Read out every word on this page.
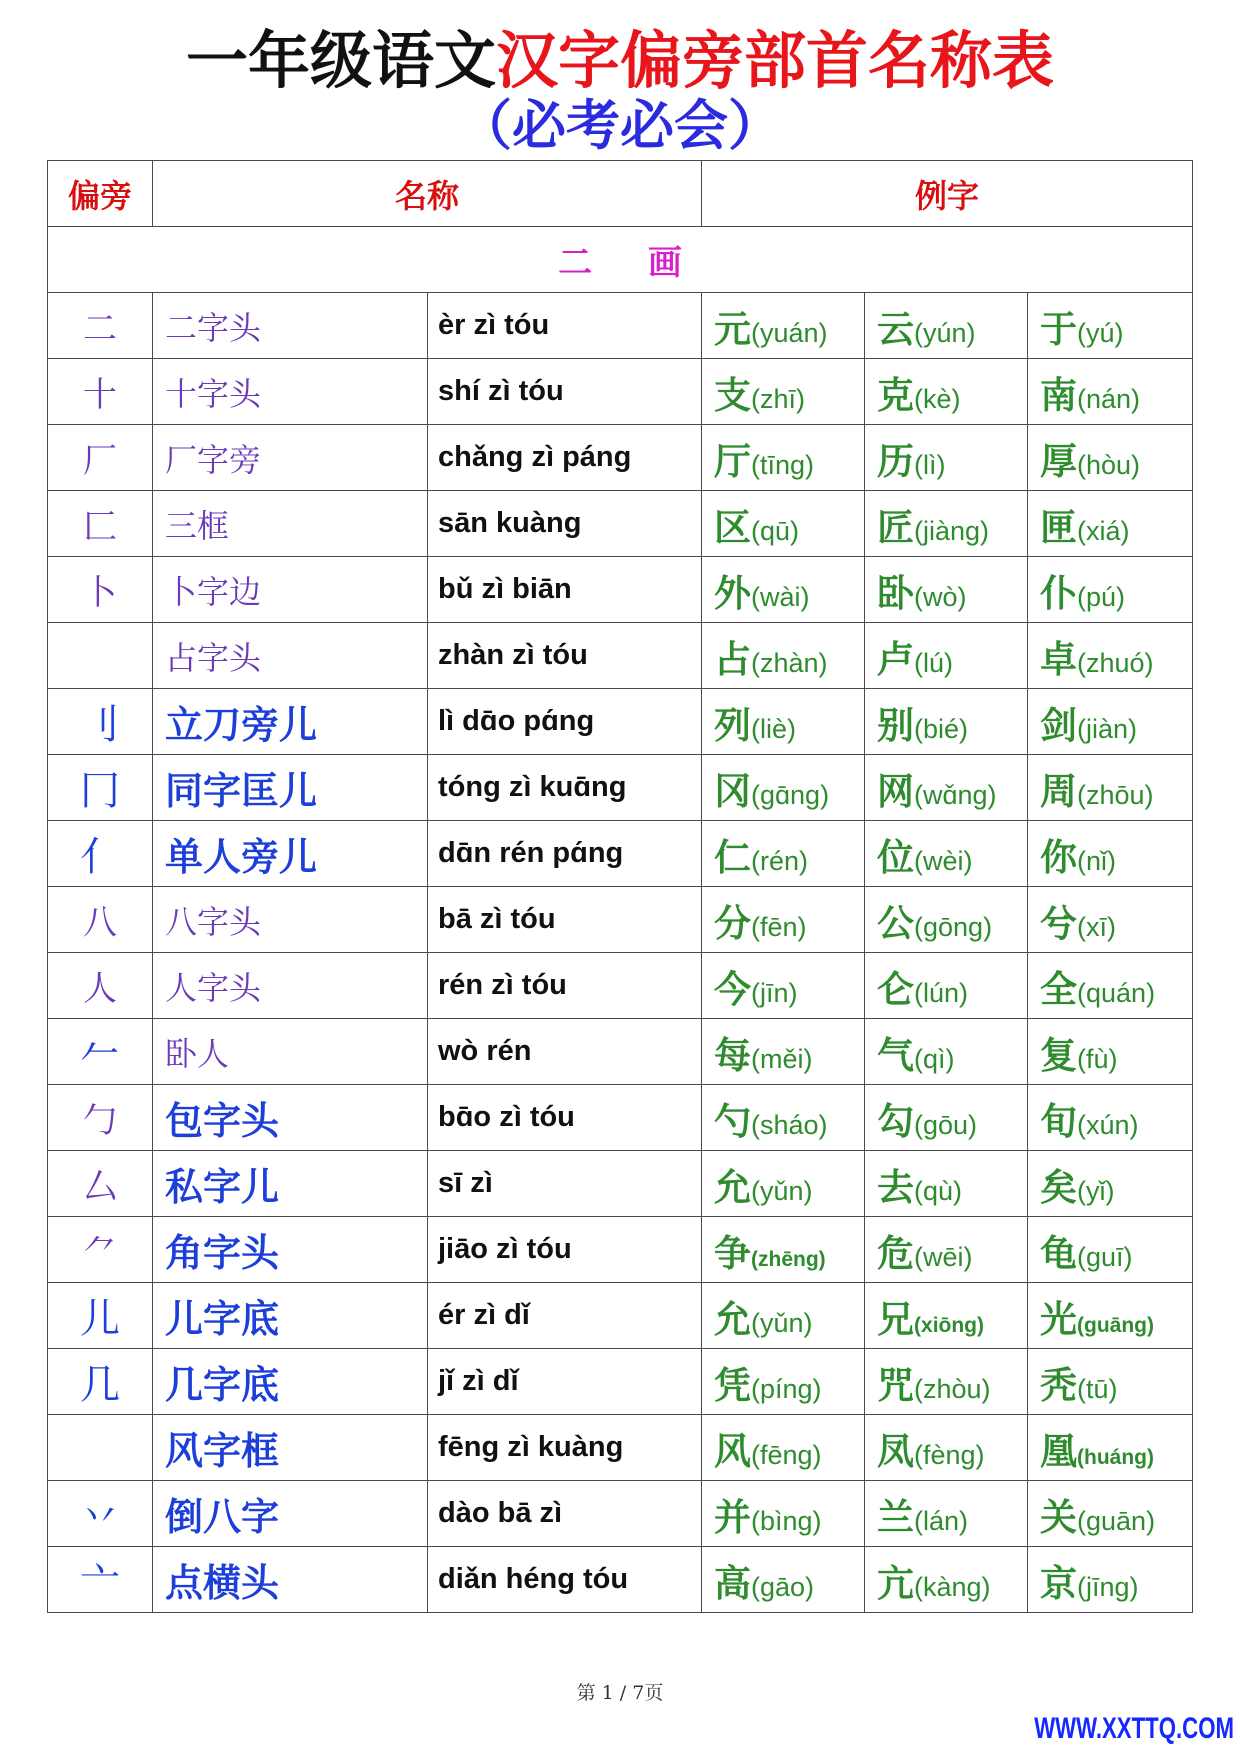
一年级语文汉字偏旁部首名称表
（必考必会）
偏旁	名称		例字		
二 画					
二	二字头	èr zì tóu	元(yuán)	云(yún)	于(yú)
十	十字头	shí zì tóu	支(zhī)	克(kè)	南(nán)
厂	厂字旁	chǎng zì páng	厅(tīng)	历(lì)	厚(hòu)
匚	三框	sān kuàng	区(qū)	匠(jiàng)	匣(xiá)
卜	卜字边	bǔ zì biān	外(wài)	卧(wò)	仆(pú)
	占字头	zhàn zì tóu	占(zhàn)	卢(lú)	卓(zhuó)
刂	立刀旁儿	lì dɑ̄o pɑ́ng	列(liè)	别(bié)	剑(jiàn)
冂	同字匡儿	tóng zì kuɑ̄ng	冈(gɑ̄ng)	网(wɑ̌ng)	周(zhōu)
亻	单人旁儿	dɑ̄n rén pɑ́ng	仁(rén)	位(wèi)	你(nǐ)
八	八字头	bā zì tóu	分(fēn)	公(gōng)	兮(xī)
人	人字头	rén zì tóu	今(jīn)	仑(lún)	全(quán)
𠂉	卧人	wò rén	每(měi)	气(qì)	复(fù)
勹	包字头	bɑ̄o zì tóu	勺(sháo)	勾(gōu)	旬(xún)
厶	私字儿	sī zì	允(yǔn)	去(qù)	矣(yǐ)
⺈	角字头	jiāo zì tóu	争(zhēng)	危(wēi)	龟(guī)
儿	儿字底	ér zì dǐ	允(yǔn)	兄(xiōng)	光(guāng)
几	几字底	jǐ zì dǐ	凭(píng)	咒(zhòu)	秃(tū)
	风字框	fēng zì kuàng	风(fēng)	凤(fèng)	凰(huáng)
丷	倒八字	dào bā zì	并(bìng)	兰(lán)	关(guān)
亠	点横头	diǎn héng tóu	高(gāo)	亢(kàng)	京(jīng)
第 1 / 7页
WWW.XXTTQ.COM
